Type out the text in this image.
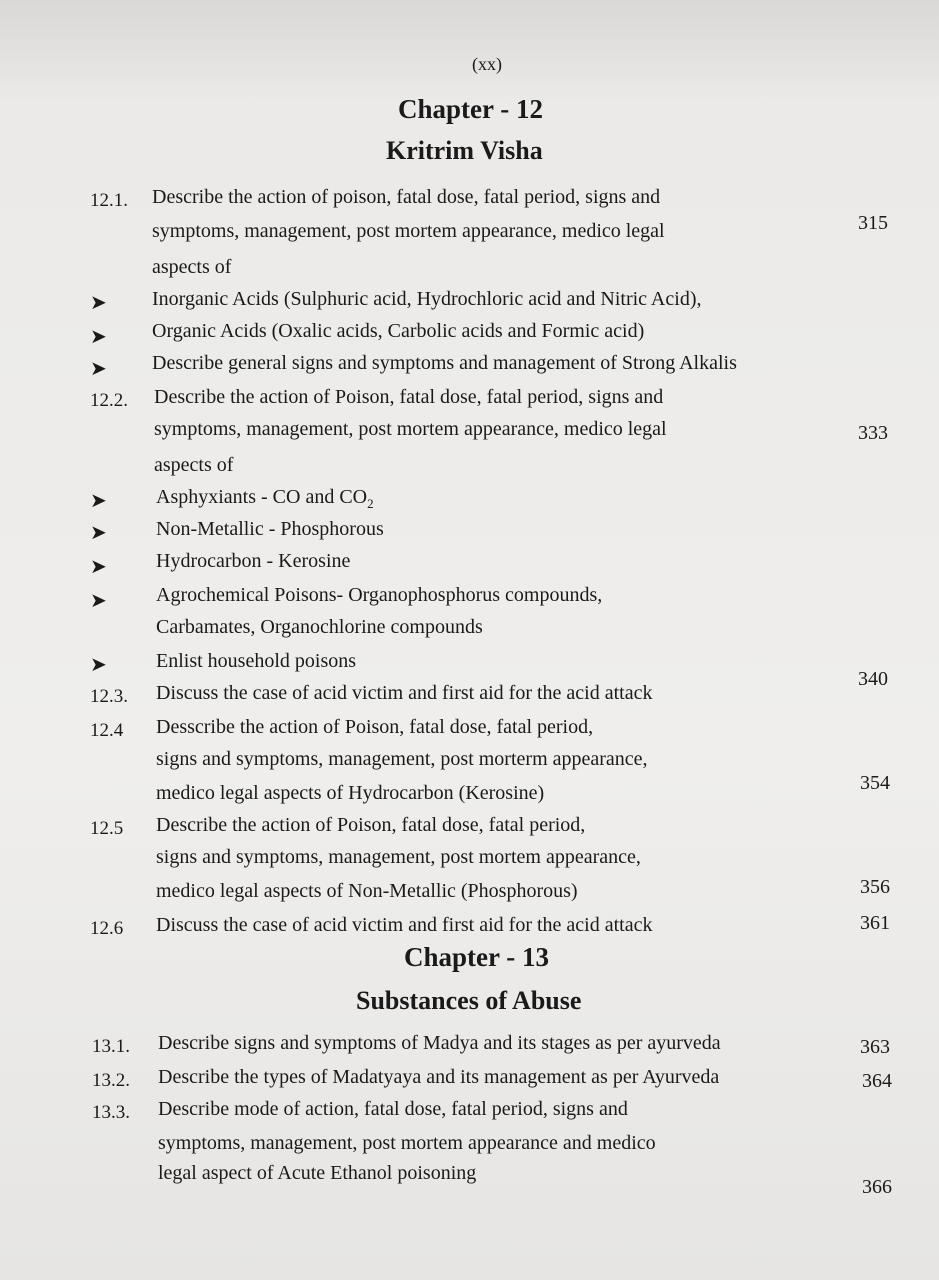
(xx)
Chapter - 12
Kritrim Visha
12.1. Describe the action of poison, fatal dose, fatal period, signs and
symptoms, management, post mortem appearance, medico legal	315
aspects of
➤ Inorganic Acids (Sulphuric acid, Hydrochloric acid and Nitric Acid),
➤ Organic Acids (Oxalic acids, Carbolic acids and Formic acid)
➤ Describe general signs and symptoms and management of Strong Alkalis
12.2. Describe the action of Poison, fatal dose, fatal period, signs and
symptoms, management, post mortem appearance, medico legal	333
aspects of
➤ Asphyxiants - CO and $CO_2$
➤ Non-Metallic - Phosphorous
➤ Hydrocarbon - Kerosine
➤ Agrochemical Poisons- Organophosphorus compounds,
Carbamates, Organochlorine compounds
➤ Enlist household poisons
12.3. Discuss the case of acid victim and first aid for the acid attack
340
12.4 Desscribe the action of Poison, fatal dose, fatal period,
signs and symptoms, management, post morterm appearance,
medico legal aspects of Hydrocarbon (Kerosine)	354
12.5 Describe the action of Poison, fatal dose, fatal period,
signs and symptoms, management, post mortem appearance,
medico legal aspects of Non-Metallic (Phosphorous)	356
12.6 Discuss the case of acid victim and first aid for the acid attack	361
Chapter - 13
Substances of Abuse
13.1. Describe signs and symptoms of Madya and its stages as per ayurveda	363
13.2. Describe the types of Madatyaya and its management as per Ayurveda	364
13.3. Describe mode of action, fatal dose, fatal period, signs and
symptoms, management, post mortem appearance and medico
legal aspect of Acute Ethanol poisoning
366
